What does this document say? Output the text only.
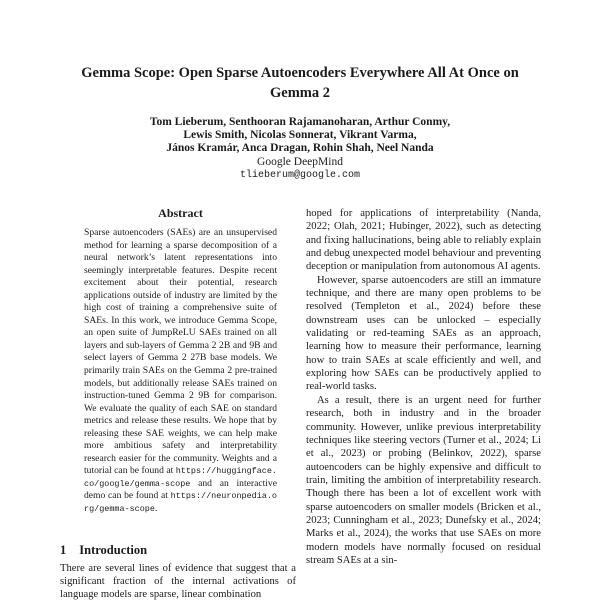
Gemma Scope: Open Sparse Autoencoders Everywhere All At Once on
Gemma 2
Tom Lieberum, Senthooran Rajamanoharan, Arthur Conmy,
Lewis Smith, Nicolas Sonnerat, Vikrant Varma,
János Kramár, Anca Dragan, Rohin Shah, Neel Nanda
Google DeepMind
tlieberum@google.com
Abstract

Sparse autoencoders (SAEs) are an unsupervised method for learning a sparse decomposition of a neural network’s latent representations into seemingly interpretable features. Despite recent excitement about their potential, research applications outside of industry are limited by the high cost of training a comprehensive suite of SAEs. In this work, we introduce Gemma Scope, an open suite of JumpReLU SAEs trained on all layers and sub-layers of Gemma 2 2B and 9B and select layers of Gemma 2 27B base models. We primarily train SAEs on the Gemma 2 pre-trained models, but additionally release SAEs trained on instruction-tuned Gemma 2 9B for comparison. We evaluate the quality of each SAE on standard metrics and release these results. We hope that by releasing these SAE weights, we can help make more ambitious safety and interpretability research easier for the community. Weights and a tutorial can be found at https://huggingface.co/google/gemma-scope and an interactive demo can be found at https://neuronpedia.org/gemma-scope.

1 Introduction

There are several lines of evidence that suggest that a significant fraction of the internal activations of language models are sparse, linear combination

hoped for applications of interpretability (Nanda, 2022; Olah, 2021; Hubinger, 2022), such as detecting and fixing hallucinations, being able to reliably explain and debug unexpected model behaviour and preventing deception or manipulation from autonomous AI agents.

However, sparse autoencoders are still an immature technique, and there are many open problems to be resolved (Templeton et al., 2024) before these downstream uses can be unlocked – especially validating or red-teaming SAEs as an approach, learning how to measure their performance, learning how to train SAEs at scale efficiently and well, and exploring how SAEs can be productively applied to real-world tasks.

As a result, there is an urgent need for further research, both in industry and in the broader community. However, unlike previous interpretability techniques like steering vectors (Turner et al., 2024; Li et al., 2023) or probing (Belinkov, 2022), sparse autoencoders can be highly expensive and difficult to train, limiting the ambition of interpretability research. Though there has been a lot of excellent work with sparse autoencoders on smaller models (Bricken et al., 2023; Cunningham et al., 2023; Dunefsky et al., 2024; Marks et al., 2024), the works that use SAEs on more modern models have normally focused on residual stream SAEs at a sin-
